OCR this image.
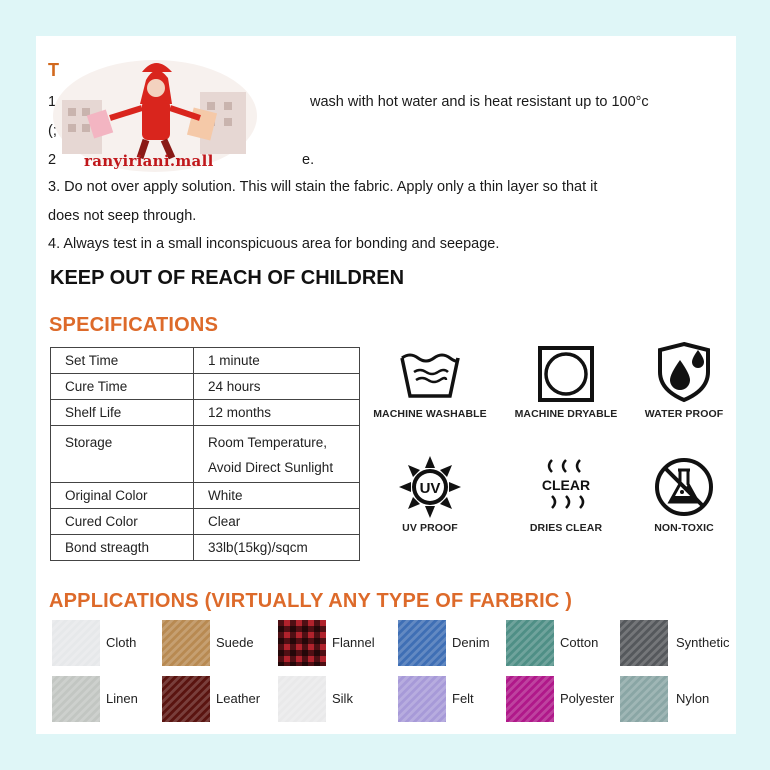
T
1	wash with hot water and is heat resistant up to 100°c
(;
2	e.
3. Do not over apply solution. This will stain the fabric. Apply only a thin layer so that it
does not seep through.
4. Always test in a small inconspicuous area for bonding and seepage.
ranyiriani.mall
KEEP OUT OF REACH OF CHILDREN
SPECIFICATIONS
Set Time	1 minute
Cure Time	24 hours
Shelf Life	12 months
Storage	Room Temperature,
Avoid Direct Sunlight
Original Color	White
Cured Color	Clear
Bond streagth	33lb(15kg)/sqcm
MACHINE WASHABLE	MACHINE DRYABLE	WATER PROOF
UV
UV PROOF
CLEAR
DRIES CLEAR	NON-TOXIC
APPLICATIONS (VIRTUALLY ANY TYPE OF FARBRIC )
Cloth	Suede	Flannel	Denim	Cotton	Synthetic
Linen	Leather	Silk	Felt	Polyester	Nylon
